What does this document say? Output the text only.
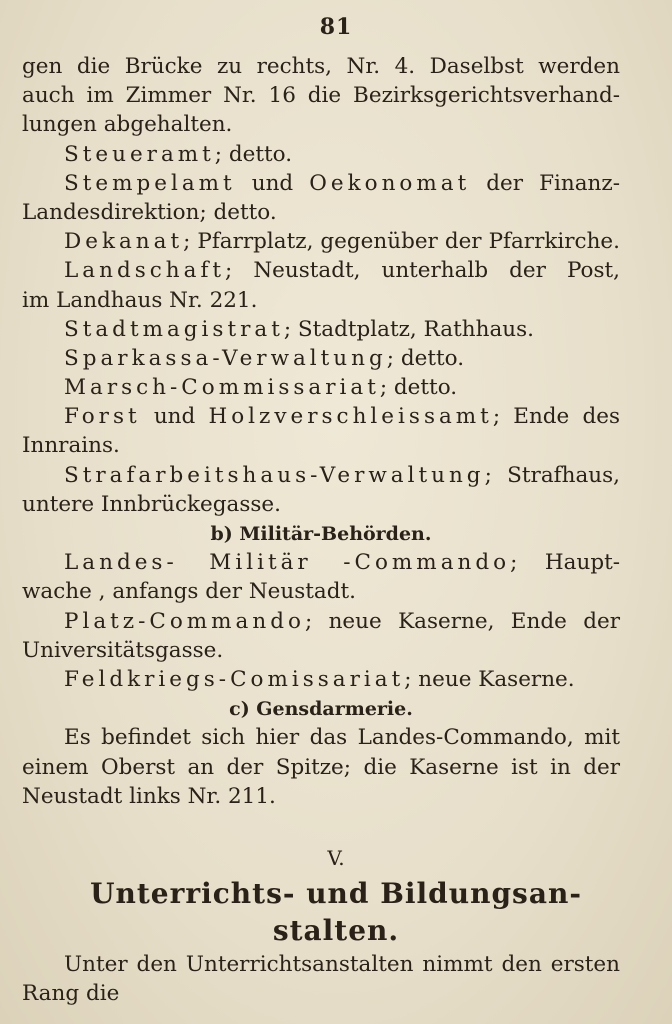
81
gen die Brücke zu rechts, Nr. 4. Daselbst werden
auch im Zimmer Nr. 16 die Bezirksgerichtsverhand-
lungen abgehalten.
Steueramt; detto.
Stempelamt und Oekonomat der Finanz-
Landesdirektion; detto.
Dekanat; Pfarrplatz, gegenüber der Pfarrkirche.
Landschaft; Neustadt, unterhalb der Post,
im Landhaus Nr. 221.
Stadtmagistrat; Stadtplatz, Rathhaus.
Sparkassa-Verwaltung; detto.
Marsch-Commissariat; detto.
Forst und Holzverschleissamt; Ende des
Innrains.
Strafarbeitshaus-Verwaltung; Strafhaus,
untere Innbrückegasse.
b) Militär-Behörden.
Landes- Militär -Commando; Haupt-
wache , anfangs der Neustadt.
Platz-Commando; neue Kaserne, Ende der
Universitätsgasse.
Feldkriegs-Comissariat; neue Kaserne.
c) Gensdarmerie.
Es befindet sich hier das Landes-Commando, mit
einem Oberst an der Spitze; die Kaserne ist in der
Neustadt links Nr. 211.
V.
Unterrichts- und Bildungsan-
stalten.
Unter den Unterrichtsanstalten nimmt den ersten
Rang die
